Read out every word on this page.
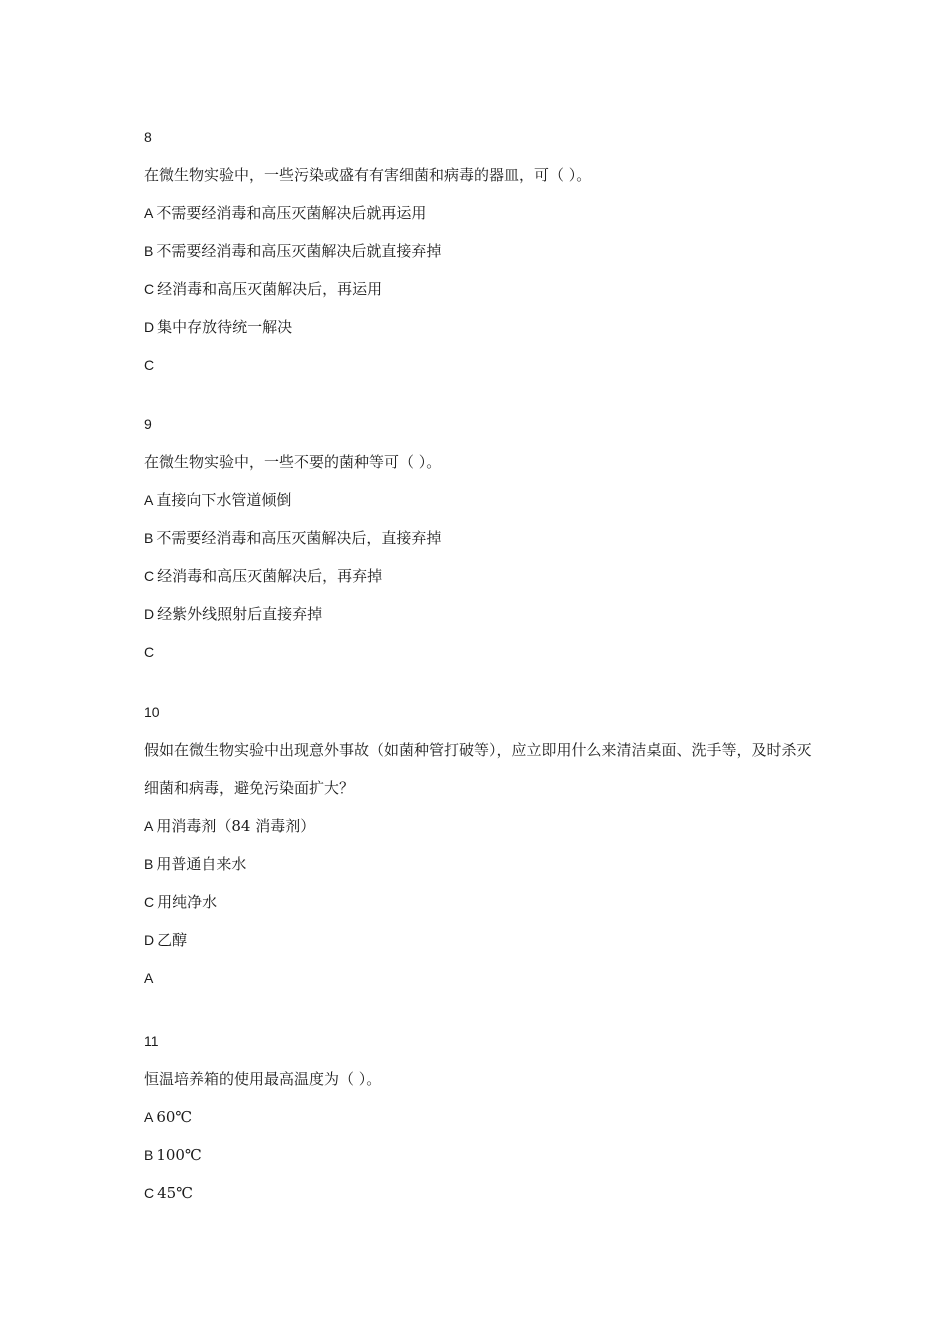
8
在微生物实验中，一些污染或盛有有害细菌和病毒的器皿，可（ ）。
A 不需要经消毒和高压灭菌解决后就再运用
B 不需要经消毒和高压灭菌解决后就直接弃掉
C 经消毒和高压灭菌解决后，再运用
D 集中存放待统一解决
C
9
在微生物实验中，一些不要的菌种等可（ ）。
A 直接向下水管道倾倒
B 不需要经消毒和高压灭菌解决后，直接弃掉
C 经消毒和高压灭菌解决后，再弃掉
D 经紫外线照射后直接弃掉
C
10
假如在微生物实验中出现意外事故（如菌种管打破等），应立即用什么来清洁桌面、洗手等，及时杀灭细菌和病毒，避免污染面扩大？
A 用消毒剂（84 消毒剂）
B 用普通自来水
C 用纯净水
D 乙醇
A
11
恒温培养箱的使用最高温度为（ ）。
A 60℃
B 100℃
C 45℃
